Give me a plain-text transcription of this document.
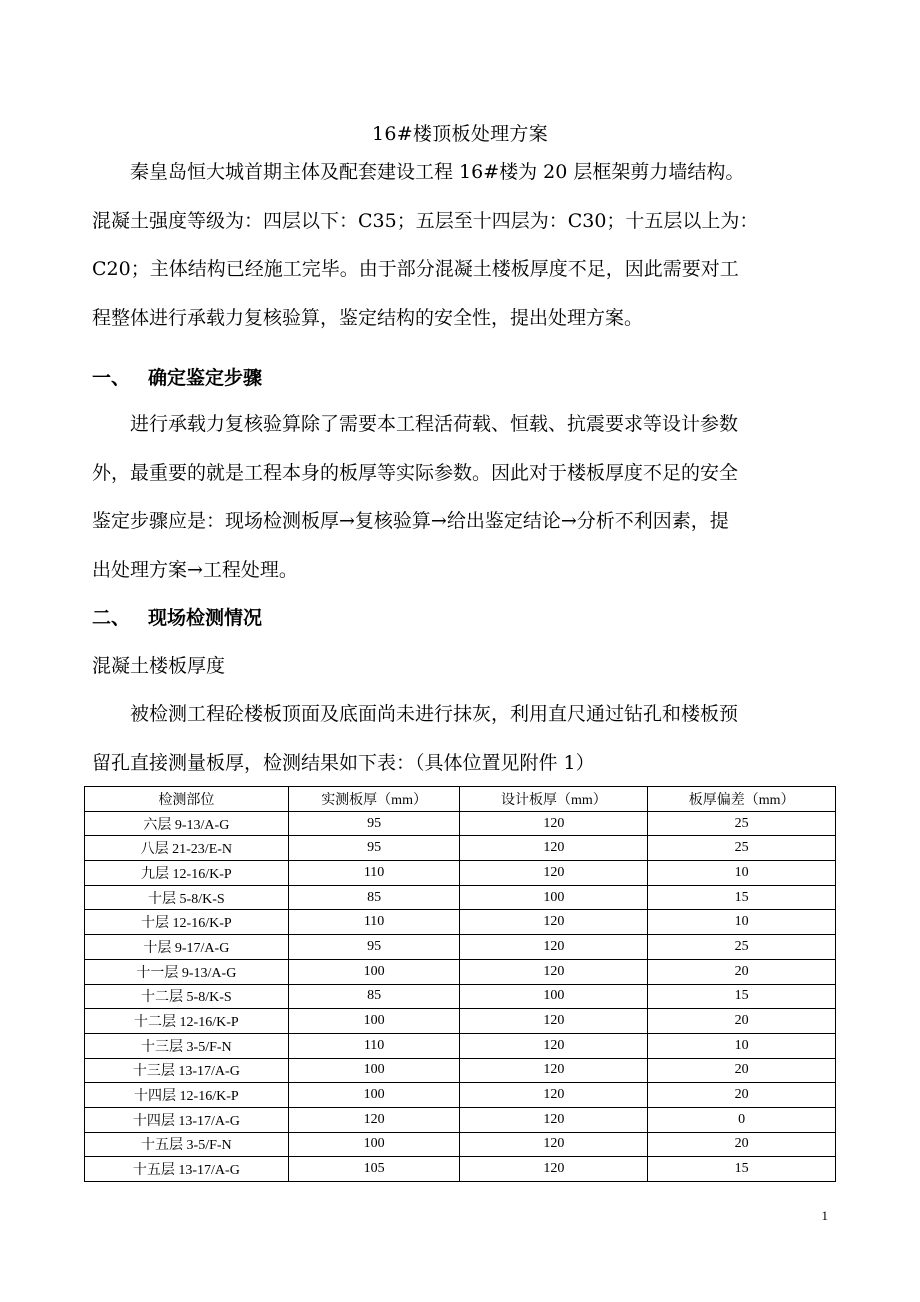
16#楼顶板处理方案
秦皇岛恒大城首期主体及配套建设工程 16#楼为 20 层框架剪力墙结构。
混凝土强度等级为：四层以下：C35；五层至十四层为：C30；十五层以上为：
C20；主体结构已经施工完毕。由于部分混凝土楼板厚度不足，因此需要对工
程整体进行承载力复核验算，鉴定结构的安全性，提出处理方案。
一、 确定鉴定步骤
进行承载力复核验算除了需要本工程活荷载、恒载、抗震要求等设计参数
外，最重要的就是工程本身的板厚等实际参数。因此对于楼板厚度不足的安全
鉴定步骤应是：现场检测板厚→复核验算→给出鉴定结论→分析不利因素，提
出处理方案→工程处理。
二、 现场检测情况
混凝土楼板厚度
被检测工程砼楼板顶面及底面尚未进行抹灰，利用直尺通过钻孔和楼板预
留孔直接测量板厚，检测结果如下表：（具体位置见附件 1）
检测部位	实测板厚（mm）	设计板厚（mm）	板厚偏差（mm）
六层 9-13/A-G	95	120	25
八层 21-23/E-N	95	120	25
九层 12-16/K-P	110	120	10
十层 5-8/K-S	85	100	15
十层 12-16/K-P	110	120	10
十层 9-17/A-G	95	120	25
十一层 9-13/A-G	100	120	20
十二层 5-8/K-S	85	100	15
十二层 12-16/K-P	100	120	20
十三层 3-5/F-N	110	120	10
十三层 13-17/A-G	100	120	20
十四层 12-16/K-P	100	120	20
十四层 13-17/A-G	120	120	0
十五层 3-5/F-N	100	120	20
十五层 13-17/A-G	105	120	15
1
